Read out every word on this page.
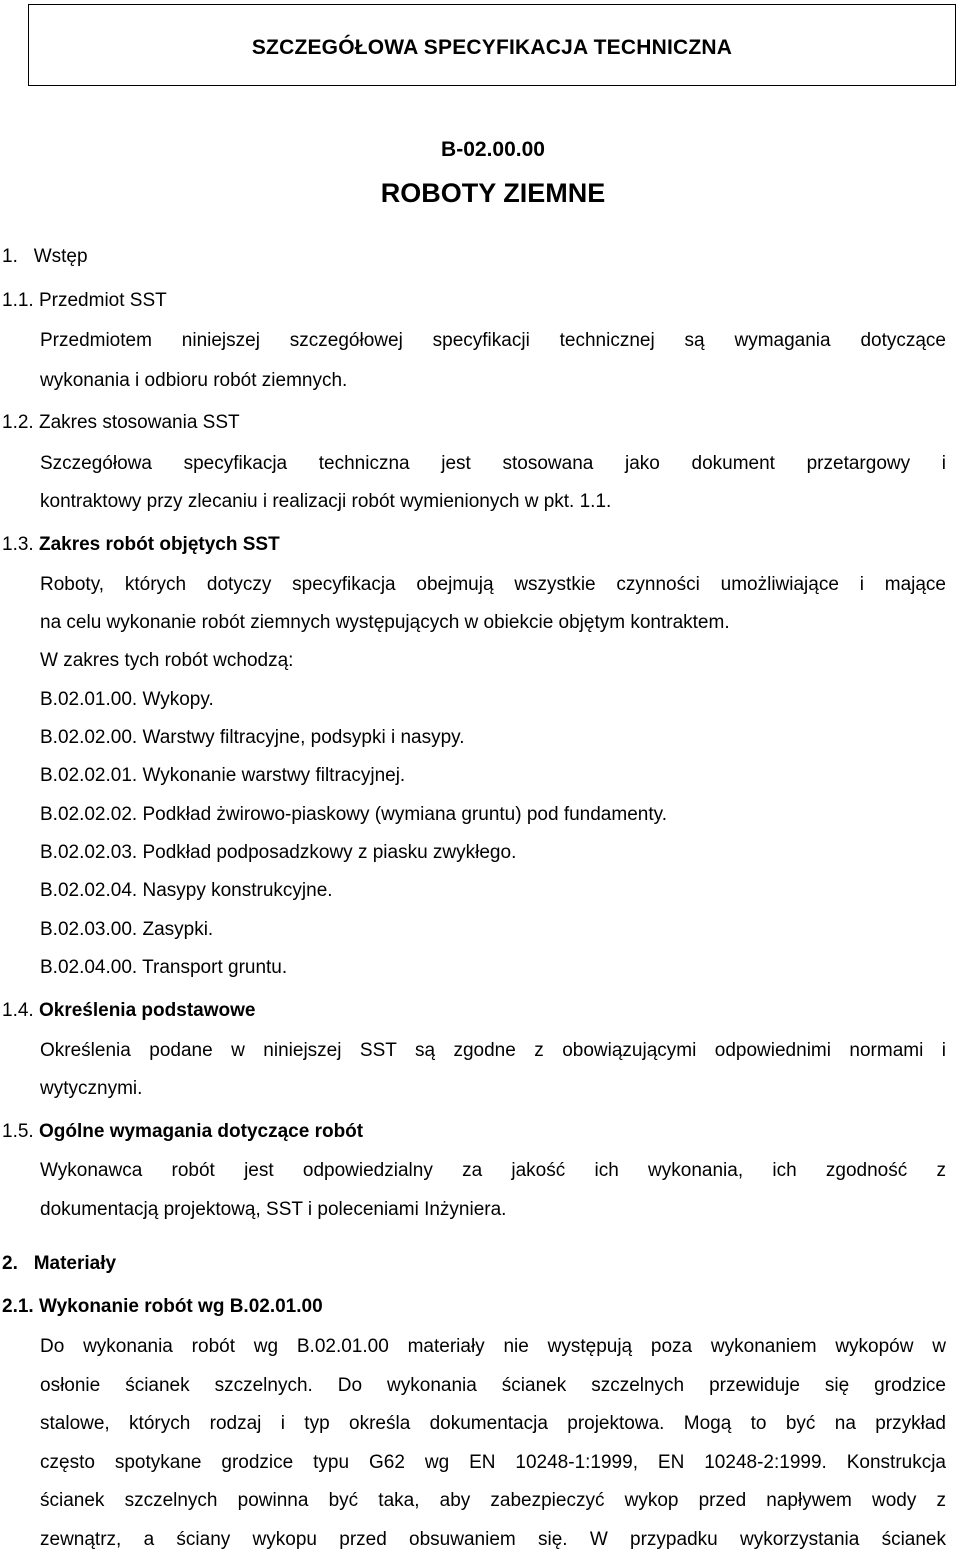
SZCZEGÓŁOWA SPECYFIKACJA TECHNICZNA
B-02.00.00
ROBOTY ZIEMNE
1. Wstęp
1.1. Przedmiot SST
Przedmiotem niniejszej szczegółowej specyfikacji technicznej są wymagania dotyczące
wykonania i odbioru robót ziemnych.
1.2. Zakres stosowania SST
Szczegółowa specyfikacja techniczna jest stosowana jako dokument przetargowy i
kontraktowy przy zlecaniu i realizacji robót wymienionych w pkt. 1.1.
1.3. Zakres robót objętych SST
Roboty, których dotyczy specyfikacja obejmują wszystkie czynności umożliwiające i mające
na celu wykonanie robót ziemnych występujących w obiekcie objętym kontraktem.
W zakres tych robót wchodzą:
B.02.01.00. Wykopy.
B.02.02.00. Warstwy filtracyjne, podsypki i nasypy.
B.02.02.01. Wykonanie warstwy filtracyjnej.
B.02.02.02. Podkład żwirowo-piaskowy (wymiana gruntu) pod fundamenty.
B.02.02.03. Podkład podposadzkowy z piasku zwykłego.
B.02.02.04. Nasypy konstrukcyjne.
B.02.03.00. Zasypki.
B.02.04.00. Transport gruntu.
1.4. Określenia podstawowe
Określenia podane w niniejszej SST są zgodne z obowiązującymi odpowiednimi normami i
wytycznymi.
1.5. Ogólne wymagania dotyczące robót
Wykonawca robót jest odpowiedzialny za jakość ich wykonania, ich zgodność z
dokumentacją projektową, SST i poleceniami Inżyniera.
2. Materiały
2.1. Wykonanie robót wg B.02.01.00
Do wykonania robót wg B.02.01.00 materiały nie występują poza wykonaniem wykopów w
osłonie ścianek szczelnych. Do wykonania ścianek szczelnych przewiduje się grodzice
stalowe, których rodzaj i typ określa dokumentacja projektowa. Mogą to być na przykład
często spotykane grodzice typu G62 wg EN 10248-1:1999, EN 10248-2:1999. Konstrukcja
ścianek szczelnych powinna być taka, aby zabezpieczyć wykop przed napływem wody z
zewnątrz, a ściany wykopu przed obsuwaniem się. W przypadku wykorzystania ścianek
